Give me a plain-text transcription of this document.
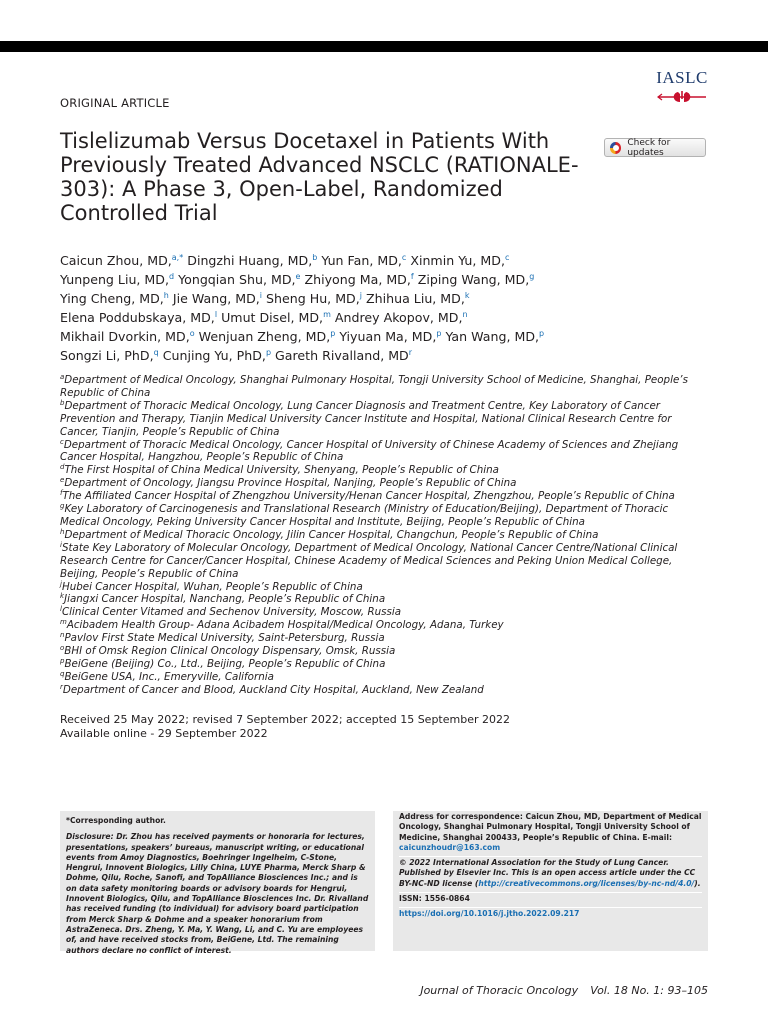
IASLC
ORIGINAL ARTICLE
Tislelizumab Versus Docetaxel in Patients With Previously Treated Advanced NSCLC (RATIONALE-303): A Phase 3, Open-Label, Randomized Controlled Trial
Check for updates
Caicun Zhou, MD,$^{a,*}$ Dingzhi Huang, MD,$^b$ Yun Fan, MD,$^c$ Xinmin Yu, MD,$^c$
Yunpeng Liu, MD,$^d$ Yongqian Shu, MD,$^e$ Zhiyong Ma, MD,$^f$ Ziping Wang, MD,$^g$
Ying Cheng, MD,$^h$ Jie Wang, MD,$^i$ Sheng Hu, MD,$^j$ Zhihua Liu, MD,$^k$
Elena Poddubskaya, MD,$^l$ Umut Disel, MD,$^m$ Andrey Akopov, MD,$^n$
Mikhail Dvorkin, MD,$^o$ Wenjuan Zheng, MD,$^p$ Yiyuan Ma, MD,$^p$ Yan Wang, MD,$^p$
Songzi Li, PhD,$^q$ Cunjing Yu, PhD,$^p$ Gareth Rivalland, $MD^r$
$^a$Department of Medical Oncology, Shanghai Pulmonary Hospital, Tongji University School of Medicine, Shanghai, People’s Republic of China
$^b$Department of Thoracic Medical Oncology, Lung Cancer Diagnosis and Treatment Centre, Key Laboratory of Cancer Prevention and Therapy, Tianjin Medical University Cancer Institute and Hospital, National Clinical Research Centre for Cancer, Tianjin, People’s Republic of China
$^c$Department of Thoracic Medical Oncology, Cancer Hospital of University of Chinese Academy of Sciences and Zhejiang Cancer Hospital, Hangzhou, People’s Republic of China
$^d$The First Hospital of China Medical University, Shenyang, People’s Republic of China
$^e$Department of Oncology, Jiangsu Province Hospital, Nanjing, People’s Republic of China
$^f$The Affiliated Cancer Hospital of Zhengzhou University/Henan Cancer Hospital, Zhengzhou, People’s Republic of China
$^g$Key Laboratory of Carcinogenesis and Translational Research (Ministry of Education/Beijing), Department of Thoracic Medical Oncology, Peking University Cancer Hospital and Institute, Beijing, People’s Republic of China
$^h$Department of Medical Thoracic Oncology, Jilin Cancer Hospital, Changchun, People’s Republic of China
$^i$State Key Laboratory of Molecular Oncology, Department of Medical Oncology, National Cancer Centre/National Clinical Research Centre for Cancer/Cancer Hospital, Chinese Academy of Medical Sciences and Peking Union Medical College, Beijing, People’s Republic of China
$^j$Hubei Cancer Hospital, Wuhan, People’s Republic of China
$^k$Jiangxi Cancer Hospital, Nanchang, People’s Republic of China
$^l$Clinical Center Vitamed and Sechenov University, Moscow, Russia
$^m$Acibadem Health Group- Adana Acibadem Hospital/Medical Oncology, Adana, Turkey
$^n$Pavlov First State Medical University, Saint-Petersburg, Russia
$^o$BHI of Omsk Region Clinical Oncology Dispensary, Omsk, Russia
$^p$BeiGene (Beijing) Co., Ltd., Beijing, People’s Republic of China
$^q$BeiGene USA, Inc., Emeryville, California
$^r$Department of Cancer and Blood, Auckland City Hospital, Auckland, New Zealand
Received 25 May 2022; revised 7 September 2022; accepted 15 September 2022
Available online - 29 September 2022
*Corresponding author.
Disclosure: Dr. Zhou has received payments or honoraria for lectures, presentations, speakers’ bureaus, manuscript writing, or educational events from Amoy Diagnostics, Boehringer Ingelheim, C-Stone, Hengrui, Innovent Biologics, Lilly China, LUYE Pharma, Merck Sharp & Dohme, Qilu, Roche, Sanofi, and TopAlliance Biosciences Inc.; and is on data safety monitoring boards or advisory boards for Hengrui, Innovent Biologics, Qilu, and TopAlliance Biosciences Inc. Dr. Rivalland has received funding (to individual) for advisory board participation from Merck Sharp & Dohme and a speaker honorarium from AstraZeneca. Drs. Zheng, Y. Ma, Y. Wang, Li, and C. Yu are employees of, and have received stocks from, BeiGene, Ltd. The remaining authors declare no conflict of interest.
Address for correspondence: Caicun Zhou, MD, Department of Medical Oncology, Shanghai Pulmonary Hospital, Tongji University School of Medicine, Shanghai 200433, People’s Republic of China. E-mail: caicunzhoudr@163.com
© 2022 International Association for the Study of Lung Cancer. Published by Elsevier Inc. This is an open access article under the CC BY-NC-ND license (http://creativecommons.org/licenses/by-nc-nd/4.0/).
ISSN: 1556-0864
https://doi.org/10.1016/j.jtho.2022.09.217
Journal of Thoracic Oncology Vol. 18 No. 1: 93–105
